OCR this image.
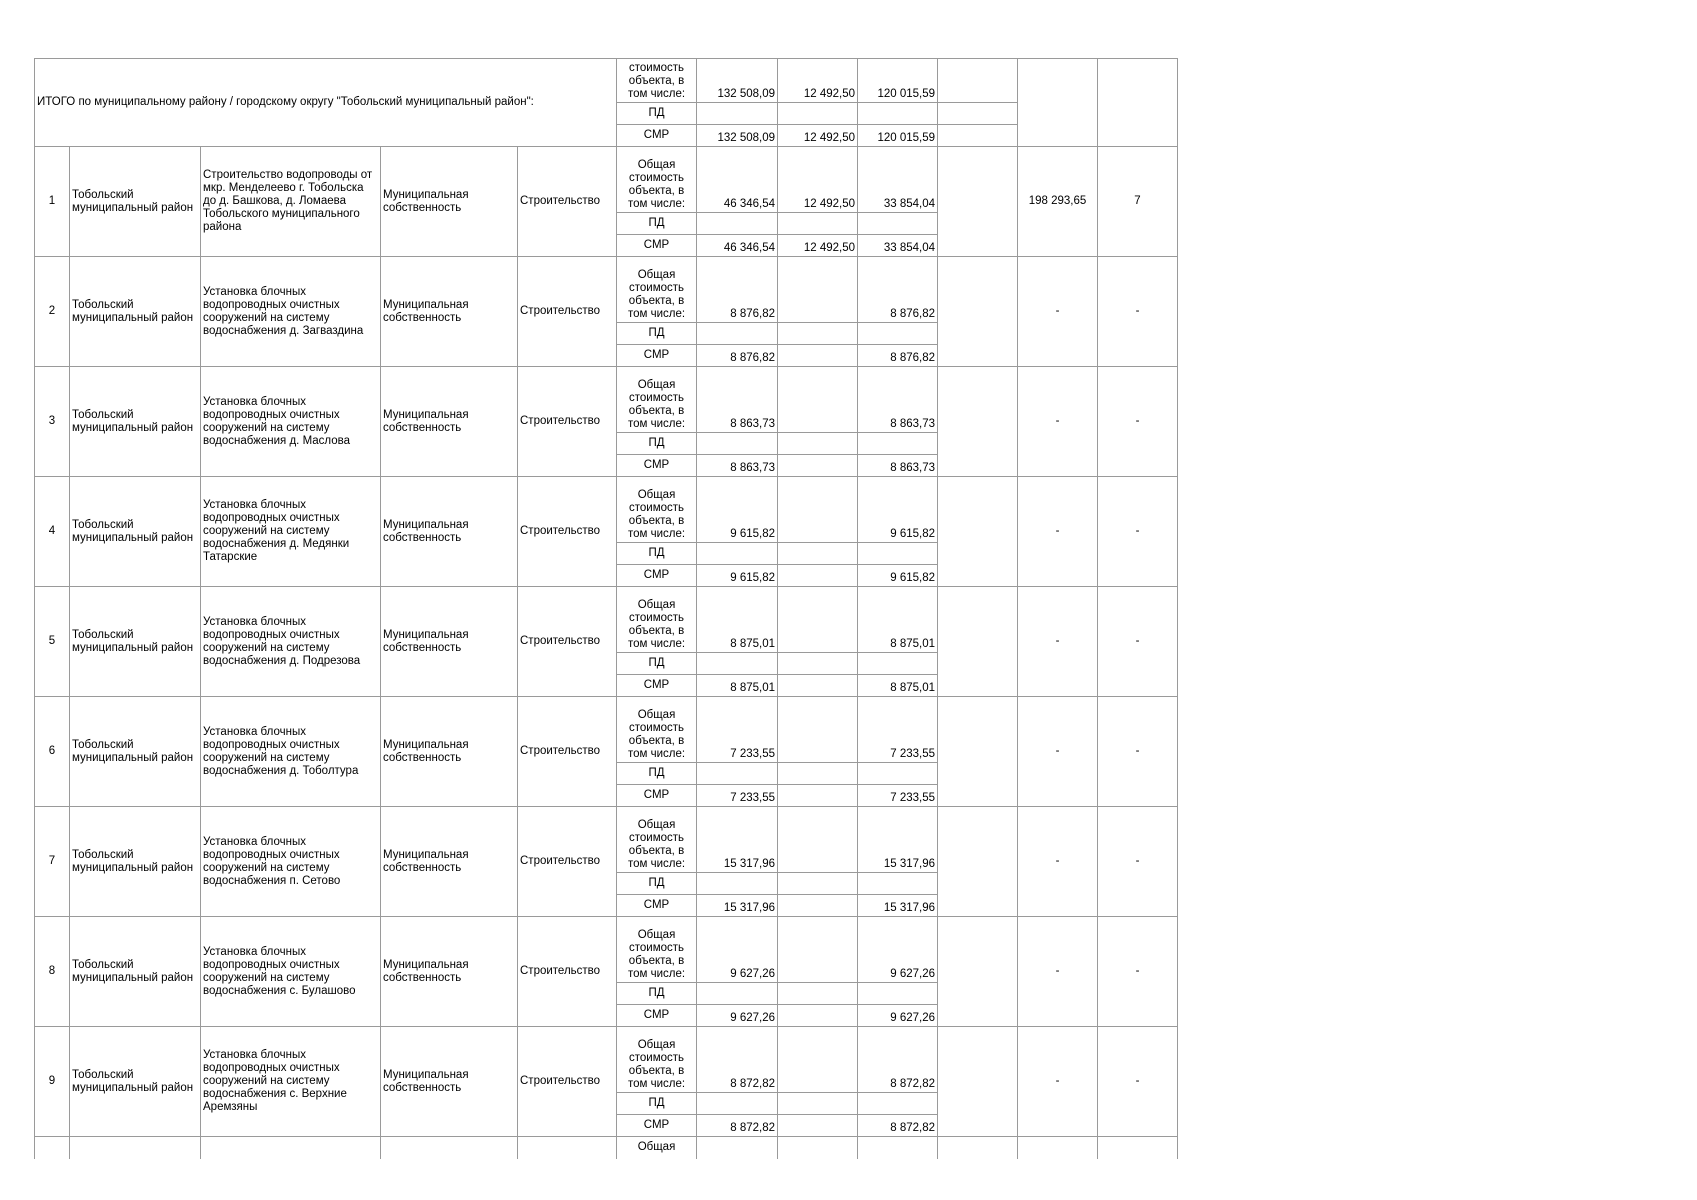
ИТОГО по муниципальному району / городскому округу "Тобольский муниципальный район":					стоимость объекта, в том числе:	132 508,09	12 492,50	120 015,59			
					ПД						
					СМР	132 508,09	12 492,50	120 015,59			
1	Тобольский муниципальный район	Строительство водопроводы от мкр. Менделеево г. Тобольска до д. Башкова, д. Ломаева Тобольского муниципального района	Муниципальная собственность	Строительство	Общая стоимость объекта, в том числе:	46 346,54	12 492,50	33 854,04		198 293,65	7
					ПД						
					СМР	46 346,54	12 492,50	33 854,04			
2	Тобольский муниципальный район	Установка блочных водопроводных очистных сооружений на систему водоснабжения д. Загваздина	Муниципальная собственность	Строительство	Общая стоимость объекта, в том числе:	8 876,82		8 876,82		-	-
					ПД						
					СМР	8 876,82		8 876,82			
3	Тобольский муниципальный район	Установка блочных водопроводных очистных сооружений на систему водоснабжения д. Маслова	Муниципальная собственность	Строительство	Общая стоимость объекта, в том числе:	8 863,73		8 863,73		-	-
					ПД						
					СМР	8 863,73		8 863,73			
4	Тобольский муниципальный район	Установка блочных водопроводных очистных сооружений на систему водоснабжения д. Медянки Татарские	Муниципальная собственность	Строительство	Общая стоимость объекта, в том числе:	9 615,82		9 615,82		-	-
					ПД						
					СМР	9 615,82		9 615,82			
5	Тобольский муниципальный район	Установка блочных водопроводных очистных сооружений на систему водоснабжения д. Подрезова	Муниципальная собственность	Строительство	Общая стоимость объекта, в том числе:	8 875,01		8 875,01		-	-
					ПД						
					СМР	8 875,01		8 875,01			
6	Тобольский муниципальный район	Установка блочных водопроводных очистных сооружений на систему водоснабжения д. Тоболтура	Муниципальная собственность	Строительство	Общая стоимость объекта, в том числе:	7 233,55		7 233,55		-	-
					ПД						
					СМР	7 233,55		7 233,55			
7	Тобольский муниципальный район	Установка блочных водопроводных очистных сооружений на систему водоснабжения п. Сетово	Муниципальная собственность	Строительство	Общая стоимость объекта, в том числе:	15 317,96		15 317,96		-	-
					ПД						
					СМР	15 317,96		15 317,96			
8	Тобольский муниципальный район	Установка блочных водопроводных очистных сооружений на систему водоснабжения с. Булашово	Муниципальная собственность	Строительство	Общая стоимость объекта, в том числе:	9 627,26		9 627,26		-	-
					ПД						
					СМР	9 627,26		9 627,26			
9	Тобольский муниципальный район	Установка блочных водопроводных очистных сооружений на систему водоснабжения с. Верхние Аремзяны	Муниципальная собственность	Строительство	Общая стоимость объекта, в том числе:	8 872,82		8 872,82		-	-
					ПД						
					СМР	8 872,82		8 872,82			
					Общая						
